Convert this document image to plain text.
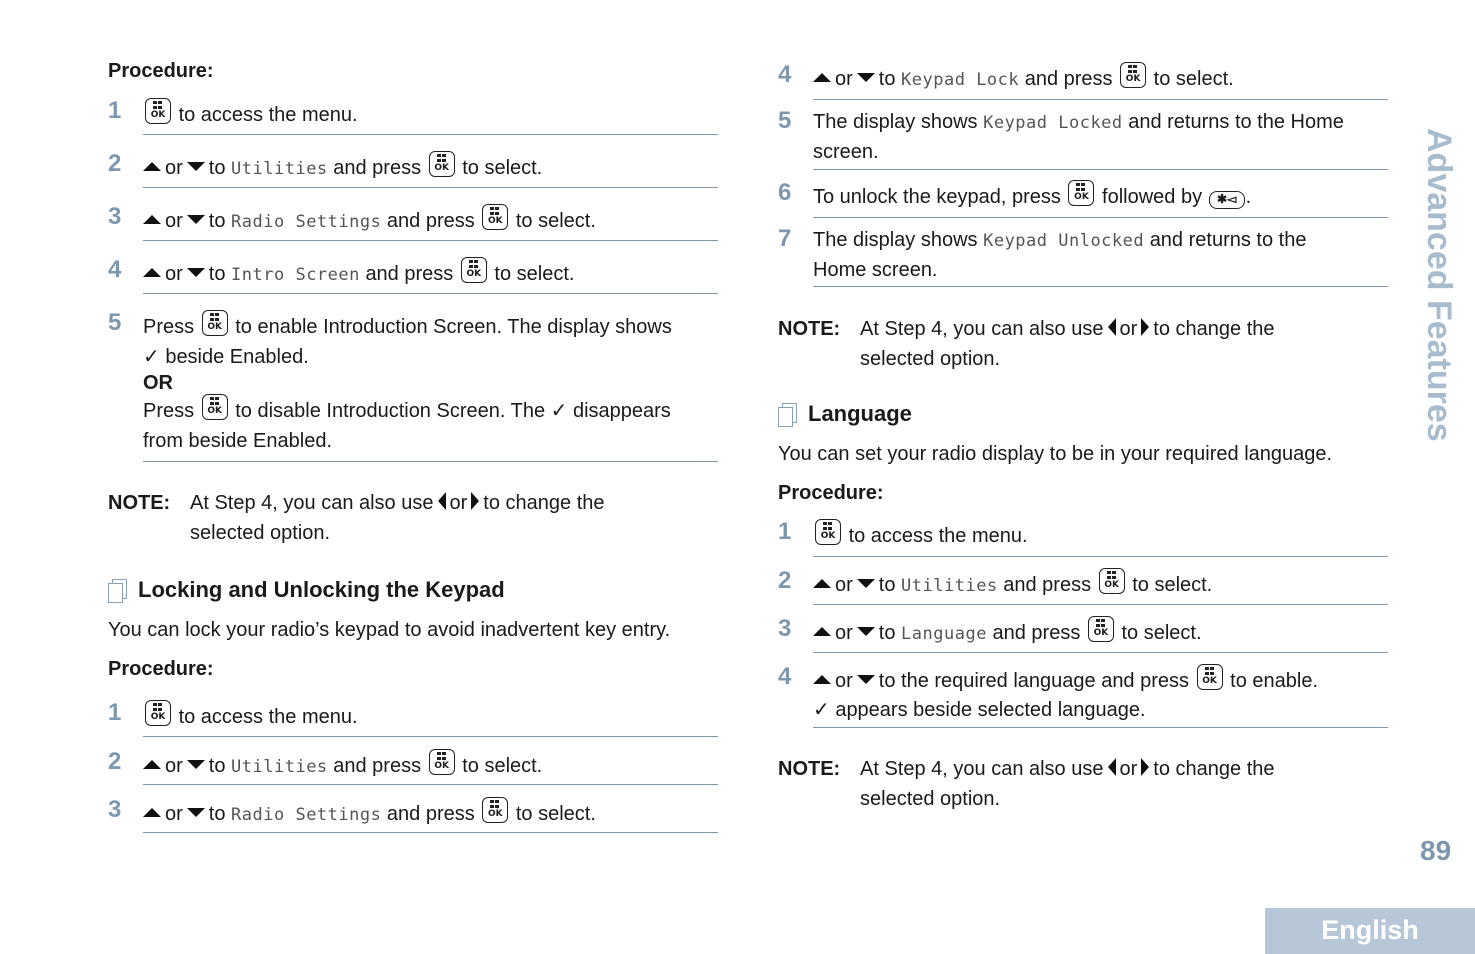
Procedure:
1	OK to access the menu.
2	or to Utilities and press	OK to select.
3	or to Radio Settings and press	OK to select.
4	or to Intro Screen and press	OK to select.
5	Press	OK to enable Introduction Screen. The display shows
✓ beside Enabled.
OR
Press	OK to disable Introduction Screen. The ✓ disappears
from beside Enabled.
NOTE: At Step 4, you can also use or to change the
selected option.
Locking and Unlocking the Keypad
You can lock your radio’s keypad to avoid inadvertent key entry.
Procedure:
1	OK to access the menu.
2	or to Utilities and press	OK to select.
3	or to Radio Settings and press	OK to select.
4	or to Keypad Lock and press	OK to select.
5	The display shows Keypad Locked and returns to the Home
screen.
6	To unlock the keypad, press	OK followed by ✱◅ .
7	The display shows Keypad Unlocked and returns to the
Home screen.
NOTE: At Step 4, you can also use or to change the
selected option.
Language
You can set your radio display to be in your required language.
Procedure:
1	OK to access the menu.
2	or to Utilities and press	OK to select.
3	or to Language and press	OK to select.
4	or to the required language and press	OK to enable.
✓ appears beside selected language.
NOTE: At Step 4, you can also use or to change the
selected option.
Advanced Features
89
English
